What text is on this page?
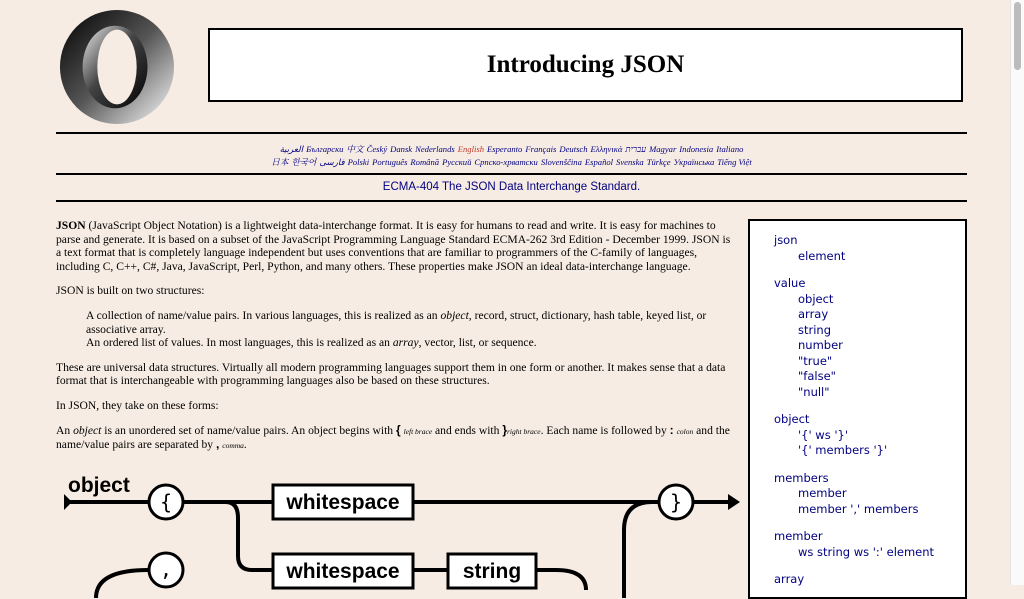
Introducing JSON
العربية Български 中文 Český Dansk Nederlands English Esperanto Français Deutsch Ελληνικά עברית Magyar Indonesia Italiano
日本 한국어 فارسی Polski Português Română Русский Српско-хрватски Slovenščina Español Svenska Türkçe Українська Tiếng Việt
ECMA-404 The JSON Data Interchange Standard.

JSON (JavaScript Object Notation) is a lightweight data-interchange format. It is easy for humans to read and write. It is easy for machines to parse and generate. It is based on a subset of the JavaScript Programming Language Standard ECMA-262 3rd Edition - December 1999. JSON is a text format that is completely language independent but uses conventions that are familiar to programmers of the C-family of languages, including C, C++, C#, Java, JavaScript, Perl, Python, and many others. These properties make JSON an ideal data-interchange language.

JSON is built on two structures:

A collection of name/value pairs. In various languages, this is realized as an object, record, struct, dictionary, hash table, keyed list, or associative array.
An ordered list of values. In most languages, this is realized as an array, vector, list, or sequence.

These are universal data structures. Virtually all modern programming languages support them in one form or another. It makes sense that a data format that is interchangeable with programming languages also be based on these structures.

In JSON, they take on these forms:

An object is an unordered set of name/value pairs. An object begins with { left brace and ends with }right brace. Each name is followed by : colon and the name/value pairs are separated by , comma.

object
{	whitespace	}
,	whitespace	string
json
element
value
object
array
string
number
"true"
"false"
"null"
object
'{' ws '}'
'{' members '}'
members
member
member ',' members
member
ws string ws ':' element
array
